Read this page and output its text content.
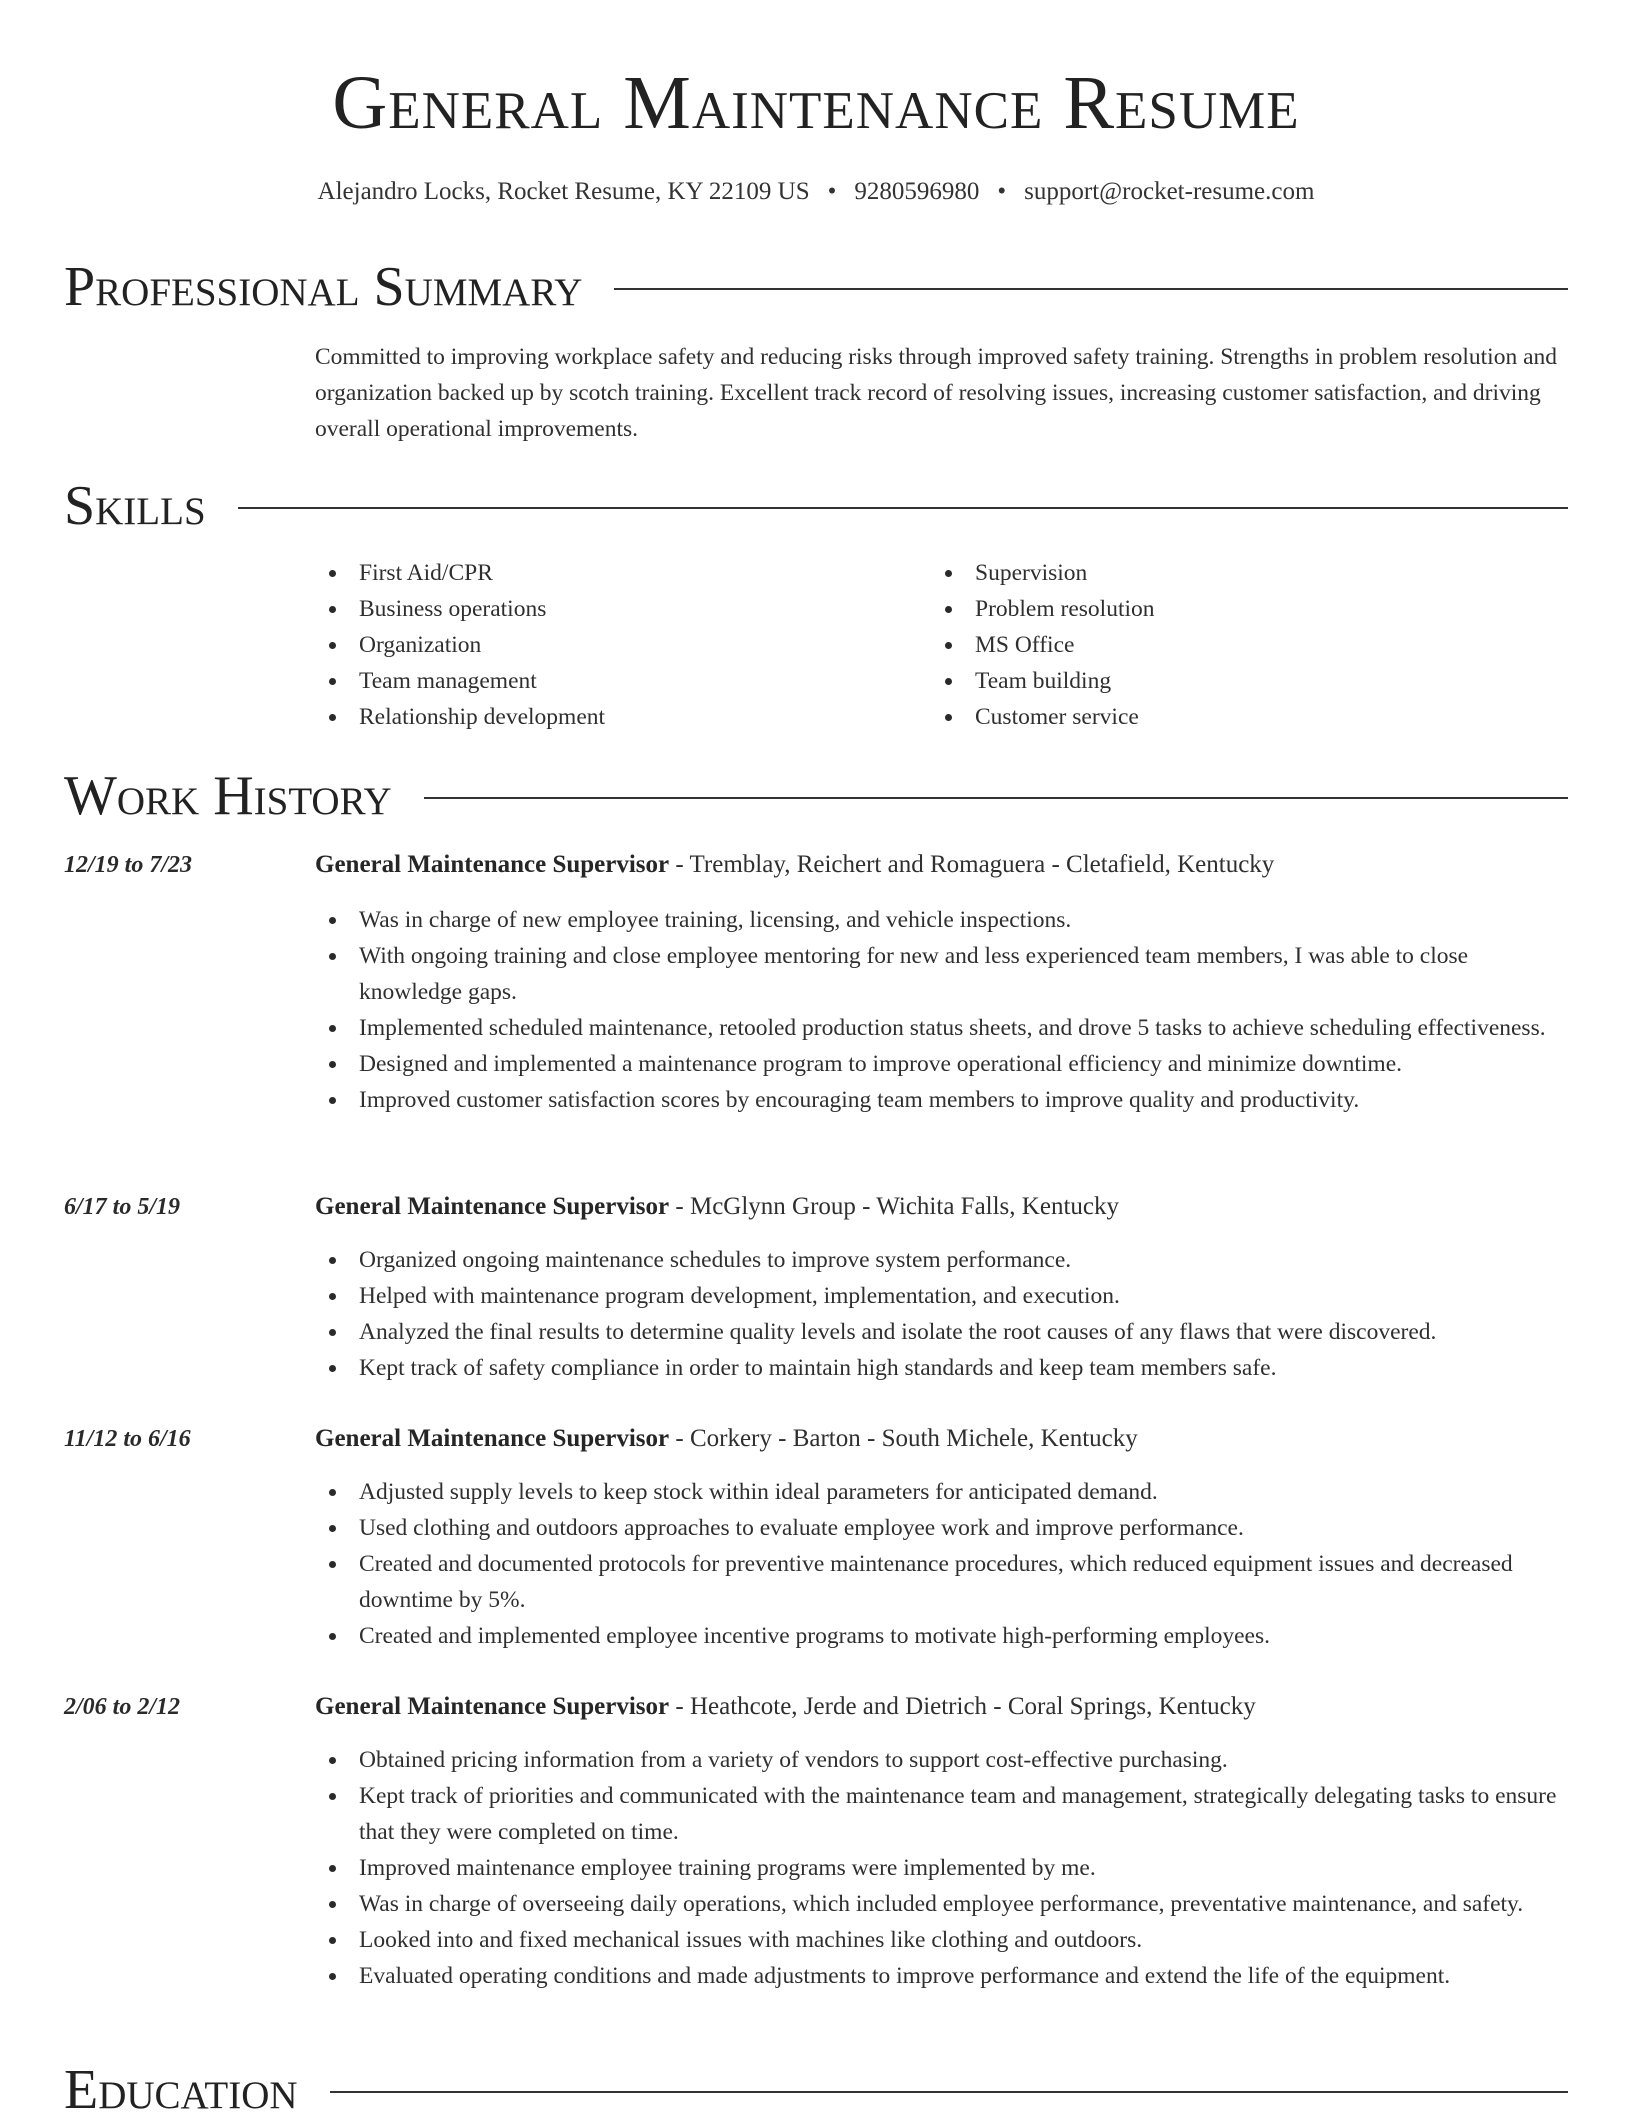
General Maintenance Resume
Alejandro Locks, Rocket Resume, KY 22109 US • 9280596980 • support@rocket-resume.com
Professional Summary

Committed to improving workplace safety and reducing risks through improved safety training. Strengths in problem resolution and organization backed up by scotch training. Excellent track record of resolving issues, increasing customer satisfaction, and driving overall operational improvements.

Skills
First Aid/CPR
Business operations
Organization
Team management
Relationship development
Supervision
Problem resolution
MS Office
Team building
Customer service
Work History
12/19 to 7/23	General Maintenance Supervisor - Tremblay, Reichert and Romaguera - Cletafield, Kentucky
Was in charge of new employee training, licensing, and vehicle inspections.
With ongoing training and close employee mentoring for new and less experienced team members, I was able to close knowledge gaps.
Implemented scheduled maintenance, retooled production status sheets, and drove 5 tasks to achieve scheduling effectiveness.
Designed and implemented a maintenance program to improve operational efficiency and minimize downtime.
Improved customer satisfaction scores by encouraging team members to improve quality and productivity.
6/17 to 5/19	General Maintenance Supervisor - McGlynn Group - Wichita Falls, Kentucky
Organized ongoing maintenance schedules to improve system performance.
Helped with maintenance program development, implementation, and execution.
Analyzed the final results to determine quality levels and isolate the root causes of any flaws that were discovered.
Kept track of safety compliance in order to maintain high standards and keep team members safe.
11/12 to 6/16	General Maintenance Supervisor - Corkery - Barton - South Michele, Kentucky
Adjusted supply levels to keep stock within ideal parameters for anticipated demand.
Used clothing and outdoors approaches to evaluate employee work and improve performance.
Created and documented protocols for preventive maintenance procedures, which reduced equipment issues and decreased downtime by 5%.
Created and implemented employee incentive programs to motivate high-performing employees.
2/06 to 2/12	General Maintenance Supervisor - Heathcote, Jerde and Dietrich - Coral Springs, Kentucky
Obtained pricing information from a variety of vendors to support cost-effective purchasing.
Kept track of priorities and communicated with the maintenance team and management, strategically delegating tasks to ensure that they were completed on time.
Improved maintenance employee training programs were implemented by me.
Was in charge of overseeing daily operations, which included employee performance, preventative maintenance, and safety.
Looked into and fixed mechanical issues with machines like clothing and outdoors.
Evaluated operating conditions and made adjustments to improve performance and extend the life of the equipment.
Education
